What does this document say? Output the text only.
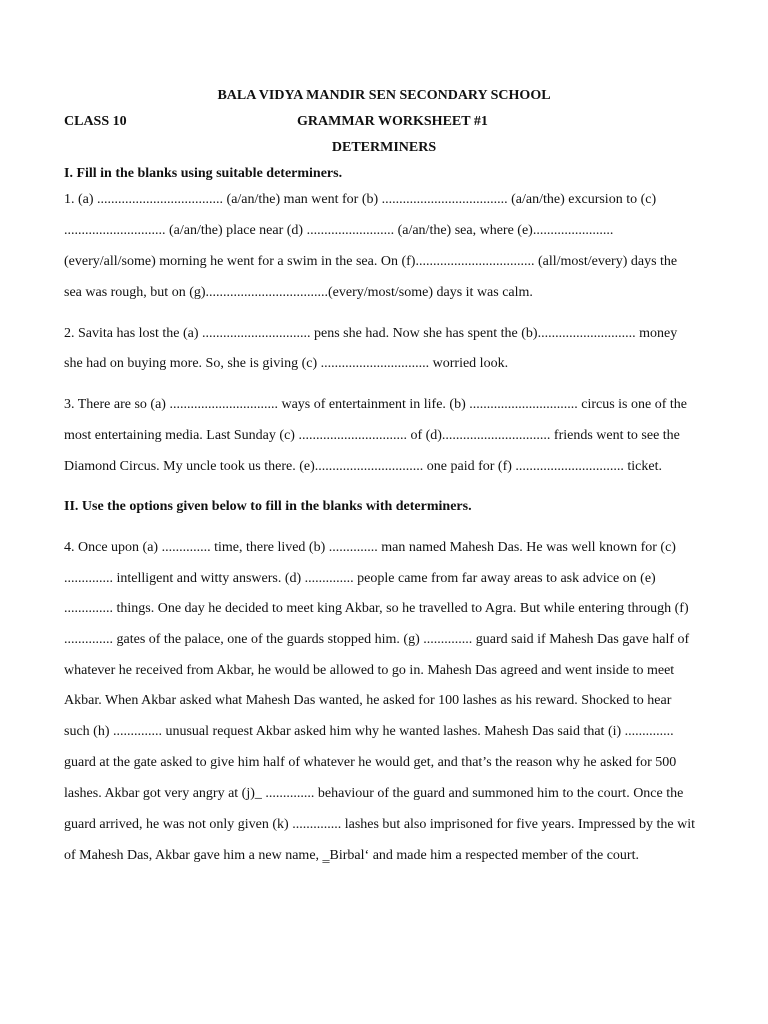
BALA VIDYA MANDIR SEN SECONDARY SCHOOL
CLASS 10	GRAMMAR WORKSHEET #1
DETERMINERS
I. Fill in the blanks using suitable determiners.
1. (a) .................................... (a/an/the) man went for (b) .................................... (a/an/the) excursion to (c)
............................. (a/an/the) place near (d) ......................... (a/an/the) sea, where (e).......................
(every/all/some) morning he went for a swim in the sea. On (f).................................. (all/most/every) days the
sea was rough, but on (g)...................................(every/most/some) days it was calm.
2. Savita has lost the (a) ............................... pens she had. Now she has spent the (b)............................ money
she had on buying more. So, she is giving (c) ............................... worried look.
3. There are so (a) ............................... ways of entertainment in life. (b) ............................... circus is one of the
most entertaining media. Last Sunday (c) ............................... of (d)............................... friends went to see the
Diamond Circus. My uncle took us there. (e)............................... one paid for (f) ............................... ticket.
II. Use the options given below to fill in the blanks with determiners.
4. Once upon (a) .............. time, there lived (b) .............. man named Mahesh Das. He was well known for (c)
.............. intelligent and witty answers. (d) .............. people came from far away areas to ask advice on (e)
.............. things. One day he decided to meet king Akbar, so he travelled to Agra. But while entering through (f)
.............. gates of the palace, one of the guards stopped him. (g) .............. guard said if Mahesh Das gave half of
whatever he received from Akbar, he would be allowed to go in. Mahesh Das agreed and went inside to meet
Akbar. When Akbar asked what Mahesh Das wanted, he asked for 100 lashes as his reward. Shocked to hear
such (h) .............. unusual request Akbar asked him why he wanted lashes. Mahesh Das said that (i) ..............
guard at the gate asked to give him half of whatever he would get, and that’s the reason why he asked for 500
lashes. Akbar got very angry at (j)_ .............. behaviour of the guard and summoned him to the court. Once the
guard arrived, he was not only given (k) .............. lashes but also imprisoned for five years. Impressed by the wit
of Mahesh Das, Akbar gave him a new name, ‗Birbal‘ and made him a respected member of the court.
